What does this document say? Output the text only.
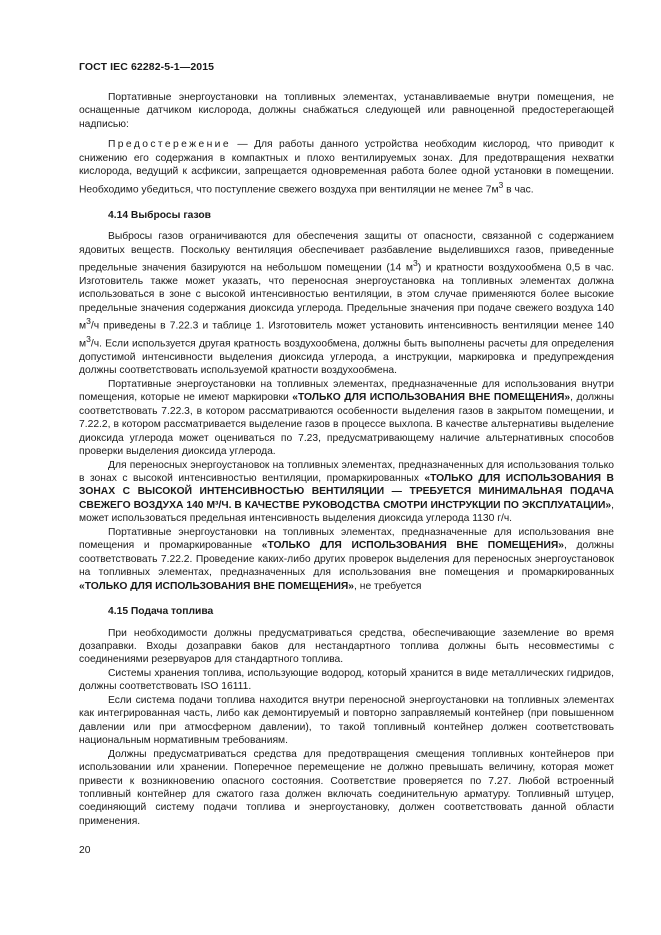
ГОСТ IEC 62282-5-1—2015

Портативные энергоустановки на топливных элементах, устанавливаемые внутри помещения, не оснащенные датчиком кислорода, должны снабжаться следующей или равноценной предостерегающей надписью:

Предостережение — Для работы данного устройства необходим кислород, что приводит к снижению его содержания в компактных и плохо вентилируемых зонах. Для предотвращения нехватки кислорода, ведущий к асфиксии, запрещается одновременная работа более одной установки в помещении. Необходимо убедиться, что поступление свежего воздуха при вентиляции не менее $7м^3$ в час.

4.14 Выбросы газов

Выбросы газов ограничиваются для обеспечения защиты от опасности, связанной с содержанием ядовитых веществ. Поскольку вентиляция обеспечивает разбавление выделившихся газов, приведенные предельные значения базируются на небольшом помещении (14 $м^3$) и кратности воздухообмена 0,5 в час. Изготовитель также может указать, что переносная энергоустановка на топливных элементах должна использоваться в зоне с высокой интенсивностью вентиляции, в этом случае применяются более высокие предельные значения содержания диоксида углерода. Предельные значения при подаче свежего воздуха 140 $м^3/ч$ приведены в 7.22.3 и таблице 1. Изготовитель может установить интенсивность вентиляции менее 140 $м^3/ч$. Если используется другая кратность воздухообмена, должны быть выполнены расчеты для определения допустимой интенсивности выделения диоксида углерода, а инструкции, маркировка и предупреждения должны соответствовать используемой кратности воздухообмена.

Портативные энергоустановки на топливных элементах, предназначенные для использования внутри помещения, которые не имеют маркировки «ТОЛЬКО ДЛЯ ИСПОЛЬЗОВАНИЯ ВНЕ ПОМЕЩЕНИЯ», должны соответствовать 7.22.3, в котором рассматриваются особенности выделения газов в закрытом помещении, и 7.22.2, в котором рассматривается выделение газов в процессе выхлопа. В качестве альтернативы выделение диоксида углерода может оцениваться по 7.23, предусматривающему наличие альтернативных способов проверки выделения диоксида углерода.

Для переносных энергоустановок на топливных элементах, предназначенных для использования только в зонах с высокой интенсивностью вентиляции, промаркированных «ТОЛЬКО ДЛЯ ИСПОЛЬЗОВАНИЯ В ЗОНАХ С ВЫСОКОЙ ИНТЕНСИВНОСТЬЮ ВЕНТИЛЯЦИИ — ТРЕБУЕТСЯ МИНИМАЛЬНАЯ ПОДАЧА СВЕЖЕГО ВОЗДУХА 140 М³/Ч. В КАЧЕСТВЕ РУКОВОДСТВА СМОТРИ ИНСТРУКЦИИ ПО ЭКСПЛУАТАЦИИ», может использоваться предельная интенсивность выделения диоксида углерода 1130 г/ч.

Портативные энергоустановки на топливных элементах, предназначенные для использования вне помещения и промаркированные «ТОЛЬКО ДЛЯ ИСПОЛЬЗОВАНИЯ ВНЕ ПОМЕЩЕНИЯ», должны соответствовать 7.22.2. Проведение каких-либо других проверок выделения для переносных энергоустановок на топливных элементах, предназначенных для использования вне помещения и промаркированных «ТОЛЬКО ДЛЯ ИСПОЛЬЗОВАНИЯ ВНЕ ПОМЕЩЕНИЯ», не требуется

4.15 Подача топлива

При необходимости должны предусматриваться средства, обеспечивающие заземление во время дозаправки. Входы дозаправки баков для нестандартного топлива должны быть несовместимы с соединениями резервуаров для стандартного топлива.

Системы хранения топлива, использующие водород, который хранится в виде металлических гидридов, должны соответствовать ISO 16111.

Если система подачи топлива находится внутри переносной энергоустановки на топливных элементах как интегрированная часть, либо как демонтируемый и повторно заправляемый контейнер (при повышенном давлении или при атмосферном давлении), то такой топливный контейнер должен соответствовать национальным нормативным требованиям.

Должны предусматриваться средства для предотвращения смещения топливных контейнеров при использовании или хранении. Поперечное перемещение не должно превышать величину, которая может привести к возникновению опасного состояния. Соответствие проверяется по 7.27. Любой встроенный топливный контейнер для сжатого газа должен включать соединительную арматуру. Топливный штуцер, соединяющий систему подачи топлива и энергоустановку, должен соответствовать данной области применения.

20
